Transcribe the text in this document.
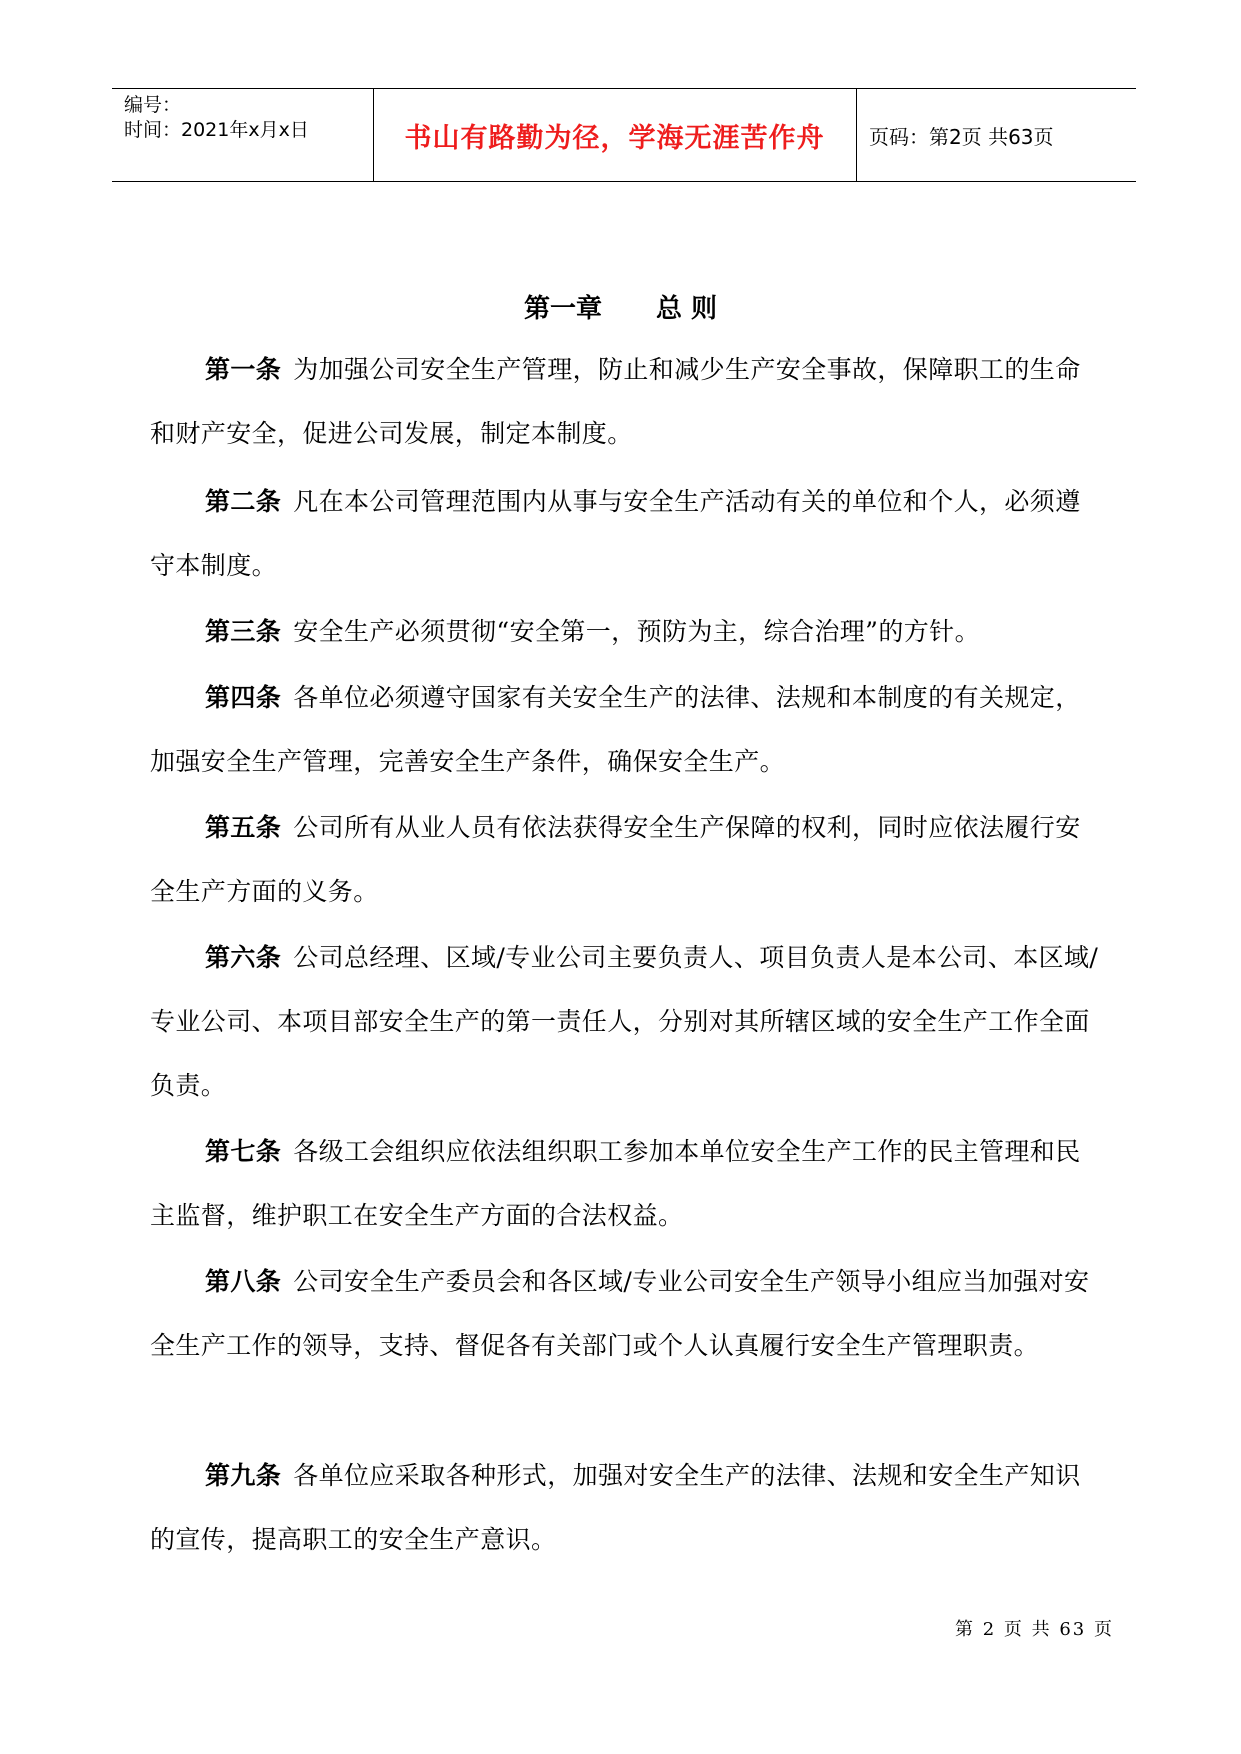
编号：
时间：2021年x月x日	书山有路勤为径，学海无涯苦作舟 页码：第2页 共63页
第一章 总 则

第一条 为加强公司安全生产管理，防止和减少生产安全事故，保障职工的生命和财产安全，促进公司发展，制定本制度。

第二条 凡在本公司管理范围内从事与安全生产活动有关的单位和个人，必须遵守本制度。

第三条 安全生产必须贯彻“安全第一，预防为主，综合治理”的方针。

第四条 各单位必须遵守国家有关安全生产的法律、法规和本制度的有关规定，加强安全生产管理，完善安全生产条件，确保安全生产。

第五条 公司所有从业人员有依法获得安全生产保障的权利，同时应依法履行安全生产方面的义务。

第六条 公司总经理、区域/专业公司主要负责人、项目负责人是本公司、本区域/专业公司、本项目部安全生产的第一责任人，分别对其所辖区域的安全生产工作全面负责。

第七条 各级工会组织应依法组织职工参加本单位安全生产工作的民主管理和民主监督，维护职工在安全生产方面的合法权益。

第八条 公司安全生产委员会和各区域/专业公司安全生产领导小组应当加强对安全生产工作的领导，支持、督促各有关部门或个人认真履行安全生产管理职责。

第九条 各单位应采取各种形式，加强对安全生产的法律、法规和安全生产知识的宣传，提高职工的安全生产意识。

第 2 页 共 63 页
